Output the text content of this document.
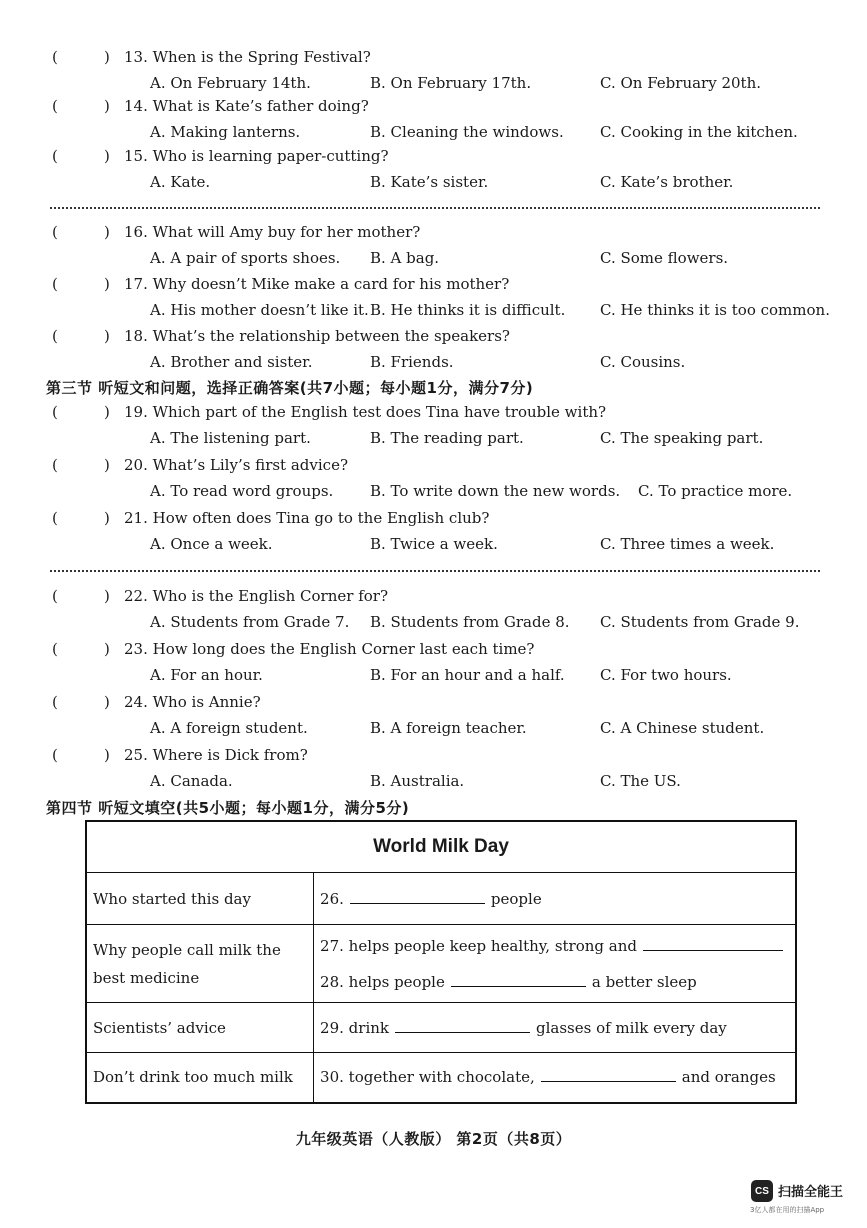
(	) 13. When is the Spring Festival?
A. On February 14th.	B. On February 17th.	C. On February 20th.
(	) 14. What is Kate’s father doing?
A. Making lanterns.	B. Cleaning the windows. C. Cooking in the kitchen.
(	) 15. Who is learning paper-cutting?
A. Kate.	B. Kate’s sister.	C. Kate’s brother.
(	) 16. What will Amy buy for her mother?
A. A pair of sports shoes. B. A bag.	C. Some flowers.
(	) 17. Why doesn’t Mike make a card for his mother?
A. His mother doesn’t like it. B. He thinks it is difficult. C. He thinks it is too common.
(	) 18. What’s the relationship between the speakers?
A. Brother and sister.	B. Friends.	C. Cousins.
第三节 听短文和问题，选择正确答案(共7小题；每小题1分，满分7分)
(	) 19. Which part of the English test does Tina have trouble with?
A. The listening part.	B. The reading part.	C. The speaking part.
(	) 20. What’s Lily’s first advice?
A. To read word groups. B. To write down the new words. C. To practice more.
(	) 21. How often does Tina go to the English club?
A. Once a week.	B. Twice a week.	C. Three times a week.
(	) 22. Who is the English Corner for?
A. Students from Grade 7. B. Students from Grade 8. C. Students from Grade 9.
(	) 23. How long does the English Corner last each time?
A. For an hour.	B. For an hour and a half. C. For two hours.
(	) 24. Who is Annie?
A. A foreign student.	B. A foreign teacher.	C. A Chinese student.
(	) 25. Where is Dick from?
A. Canada.	B. Australia.	C. The US.
第四节 听短文填空(共5小题；每小题1分，满分5分)
World Milk Day	
Who started this day	26. people

Why people call milk the best medicine	27. helps people keep healthy, strong and
28. helps people a better sleep

Scientists’ advice	29. drink glasses of milk every day

Don’t drink too much milk	30. together with chocolate, and oranges
九年级英语（人教版） 第2页（共8页）
CS 扫描全能王
3亿人都在用的扫描App
